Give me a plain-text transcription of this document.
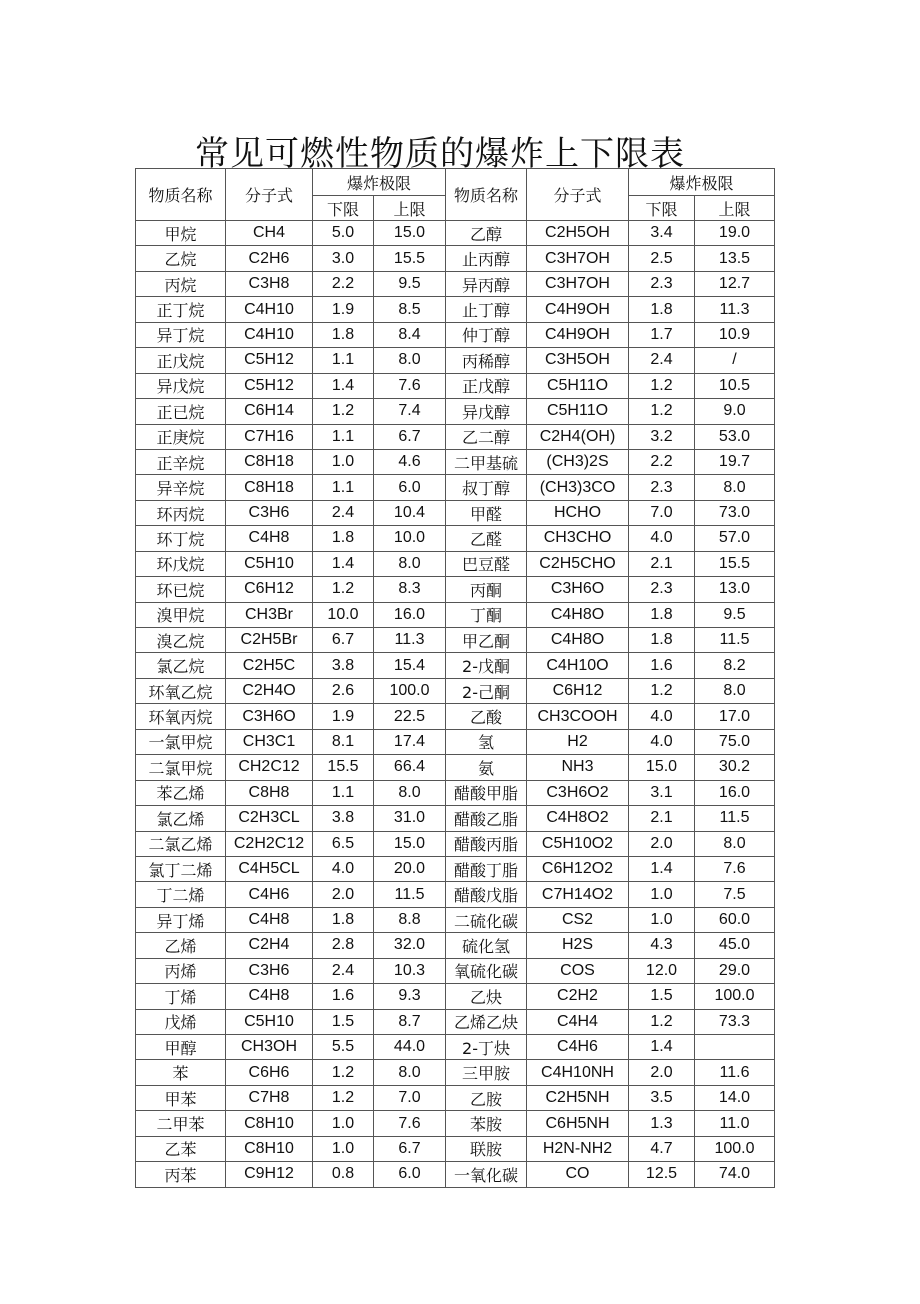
常见可燃性物质的爆炸上下限表
物质名称	分子式	爆炸极限		物质名称	分子式	爆炸极限	
		下限	上限			下限	上限
甲烷	CH4	5.0	15.0	乙醇	C2H5OH	3.4	19.0
乙烷	C2H6	3.0	15.5	止丙醇	C3H7OH	2.5	13.5
丙烷	C3H8	2.2	9.5	异丙醇	C3H7OH	2.3	12.7
正丁烷	C4H10	1.9	8.5	止丁醇	C4H9OH	1.8	11.3
异丁烷	C4H10	1.8	8.4	仲丁醇	C4H9OH	1.7	10.9
正戊烷	C5H12	1.1	8.0	丙稀醇	C3H5OH	2.4	/
异戊烷	C5H12	1.4	7.6	正戊醇	C5H11O	1.2	10.5
正已烷	C6H14	1.2	7.4	异戊醇	C5H11O	1.2	9.0
正庚烷	C7H16	1.1	6.7	乙二醇	C2H4(OH)	3.2	53.0
正辛烷	C8H18	1.0	4.6	二甲基硫	(CH3)2S	2.2	19.7
异辛烷	C8H18	1.1	6.0	叔丁醇	(CH3)3CO	2.3	8.0
环丙烷	C3H6	2.4	10.4	甲醛	HCHO	7.0	73.0
环丁烷	C4H8	1.8	10.0	乙醛	CH3CHO	4.0	57.0
环戊烷	C5H10	1.4	8.0	巴豆醛	C2H5CHO	2.1	15.5
环已烷	C6H12	1.2	8.3	丙酮	C3H6O	2.3	13.0
溴甲烷	CH3Br	10.0	16.0	丁酮	C4H8O	1.8	9.5
溴乙烷	C2H5Br	6.7	11.3	甲乙酮	C4H8O	1.8	11.5
氯乙烷	C2H5C	3.8	15.4	2-戊酮	C4H10O	1.6	8.2
环氧乙烷	C2H4O	2.6	100.0	2-己酮	C6H12	1.2	8.0
环氧丙烷	C3H6O	1.9	22.5	乙酸	CH3COOH	4.0	17.0
一氯甲烷	CH3C1	8.1	17.4	氢	H2	4.0	75.0
二氯甲烷	CH2C12	15.5	66.4	氨	NH3	15.0	30.2
苯乙烯	C8H8	1.1	8.0	醋酸甲脂	C3H6O2	3.1	16.0
氯乙烯	C2H3CL	3.8	31.0	醋酸乙脂	C4H8O2	2.1	11.5
二氯乙烯	C2H2C12	6.5	15.0	醋酸丙脂	C5H10O2	2.0	8.0
氯丁二烯	C4H5CL	4.0	20.0	醋酸丁脂	C6H12O2	1.4	7.6
丁二烯	C4H6	2.0	11.5	醋酸戊脂	C7H14O2	1.0	7.5
异丁烯	C4H8	1.8	8.8	二硫化碳	CS2	1.0	60.0
乙烯	C2H4	2.8	32.0	硫化氢	H2S	4.3	45.0
丙烯	C3H6	2.4	10.3	氧硫化碳	COS	12.0	29.0
丁烯	C4H8	1.6	9.3	乙炔	C2H2	1.5	100.0
戊烯	C5H10	1.5	8.7	乙烯乙炔	C4H4	1.2	73.3
甲醇	CH3OH	5.5	44.0	2-丁炔	C4H6	1.4	
苯	C6H6	1.2	8.0	三甲胺	C4H10NH	2.0	11.6
甲苯	C7H8	1.2	7.0	乙胺	C2H5NH	3.5	14.0
二甲苯	C8H10	1.0	7.6	苯胺	C6H5NH	1.3	11.0
乙苯	C8H10	1.0	6.7	联胺	H2N-NH2	4.7	100.0
丙苯	C9H12	0.8	6.0	一氧化碳	CO	12.5	74.0
